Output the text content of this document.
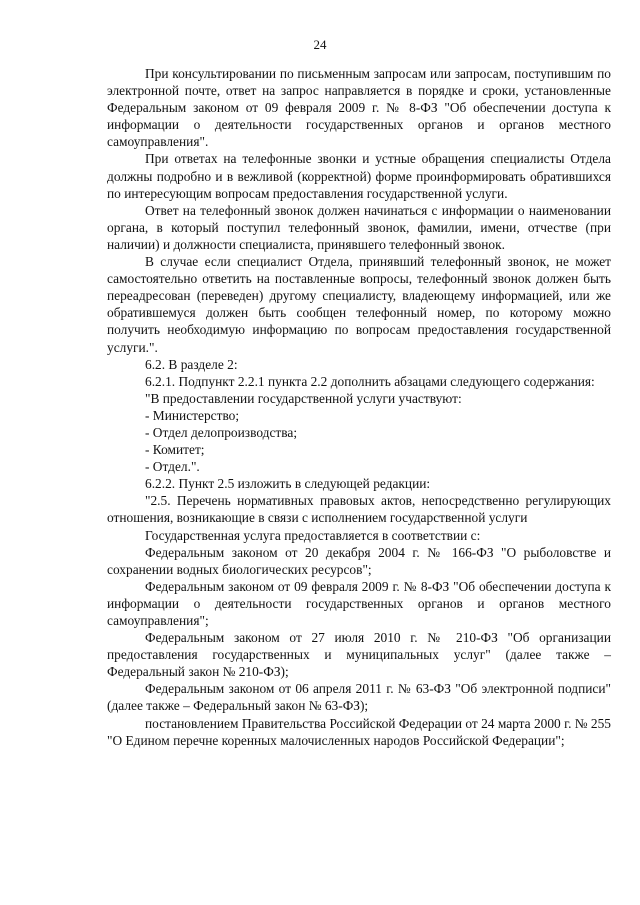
24

При консультировании по письменным запросам или запросам, поступившим по электронной почте, ответ на запрос направляется в порядке и сроки, установленные Федеральным законом от 09 февраля 2009 г. № 8-ФЗ "Об обеспечении доступа к информации о деятельности государственных органов и органов местного самоуправления".

При ответах на телефонные звонки и устные обращения специалисты Отдела должны подробно и в вежливой (корректной) форме проинформировать обратившихся по интересующим вопросам предоставления государственной услуги.

Ответ на телефонный звонок должен начинаться с информации о наименовании органа, в который поступил телефонный звонок, фамилии, имени, отчестве (при наличии) и должности специалиста, принявшего телефонный звонок.

В случае если специалист Отдела, принявший телефонный звонок, не может самостоятельно ответить на поставленные вопросы, телефонный звонок должен быть переадресован (переведен) другому специалисту, владеющему информацией, или же обратившемуся должен быть сообщен телефонный номер, по которому можно получить необходимую информацию по вопросам предоставления государственной услуги.".

6.2. В разделе 2:

6.2.1. Подпункт 2.2.1 пункта 2.2 дополнить абзацами следующего содержания:

"В предоставлении государственной услуги участвуют:

- Министерство;

- Отдел делопроизводства;

- Комитет;

- Отдел.".

6.2.2. Пункт 2.5 изложить в следующей редакции:

"2.5. Перечень нормативных правовых актов, непосредственно регулирующих отношения, возникающие в связи с исполнением государственной услуги

Государственная услуга предоставляется в соответствии с:

Федеральным законом от 20 декабря 2004 г. № 166-ФЗ "О рыболовстве и сохранении водных биологических ресурсов";

Федеральным законом от 09 февраля 2009 г. № 8-ФЗ "Об обеспечении доступа к информации о деятельности государственных органов и органов местного самоуправления";

Федеральным законом от 27 июля 2010 г. № 210-ФЗ "Об организации предоставления государственных и муниципальных услуг" (далее также – Федеральный закон № 210-ФЗ);

Федеральным законом от 06 апреля 2011 г. № 63-ФЗ "Об электронной подписи" (далее также – Федеральный закон № 63-ФЗ);

постановлением Правительства Российской Федерации от 24 марта 2000 г. № 255 "О Едином перечне коренных малочисленных народов Российской Федерации";
